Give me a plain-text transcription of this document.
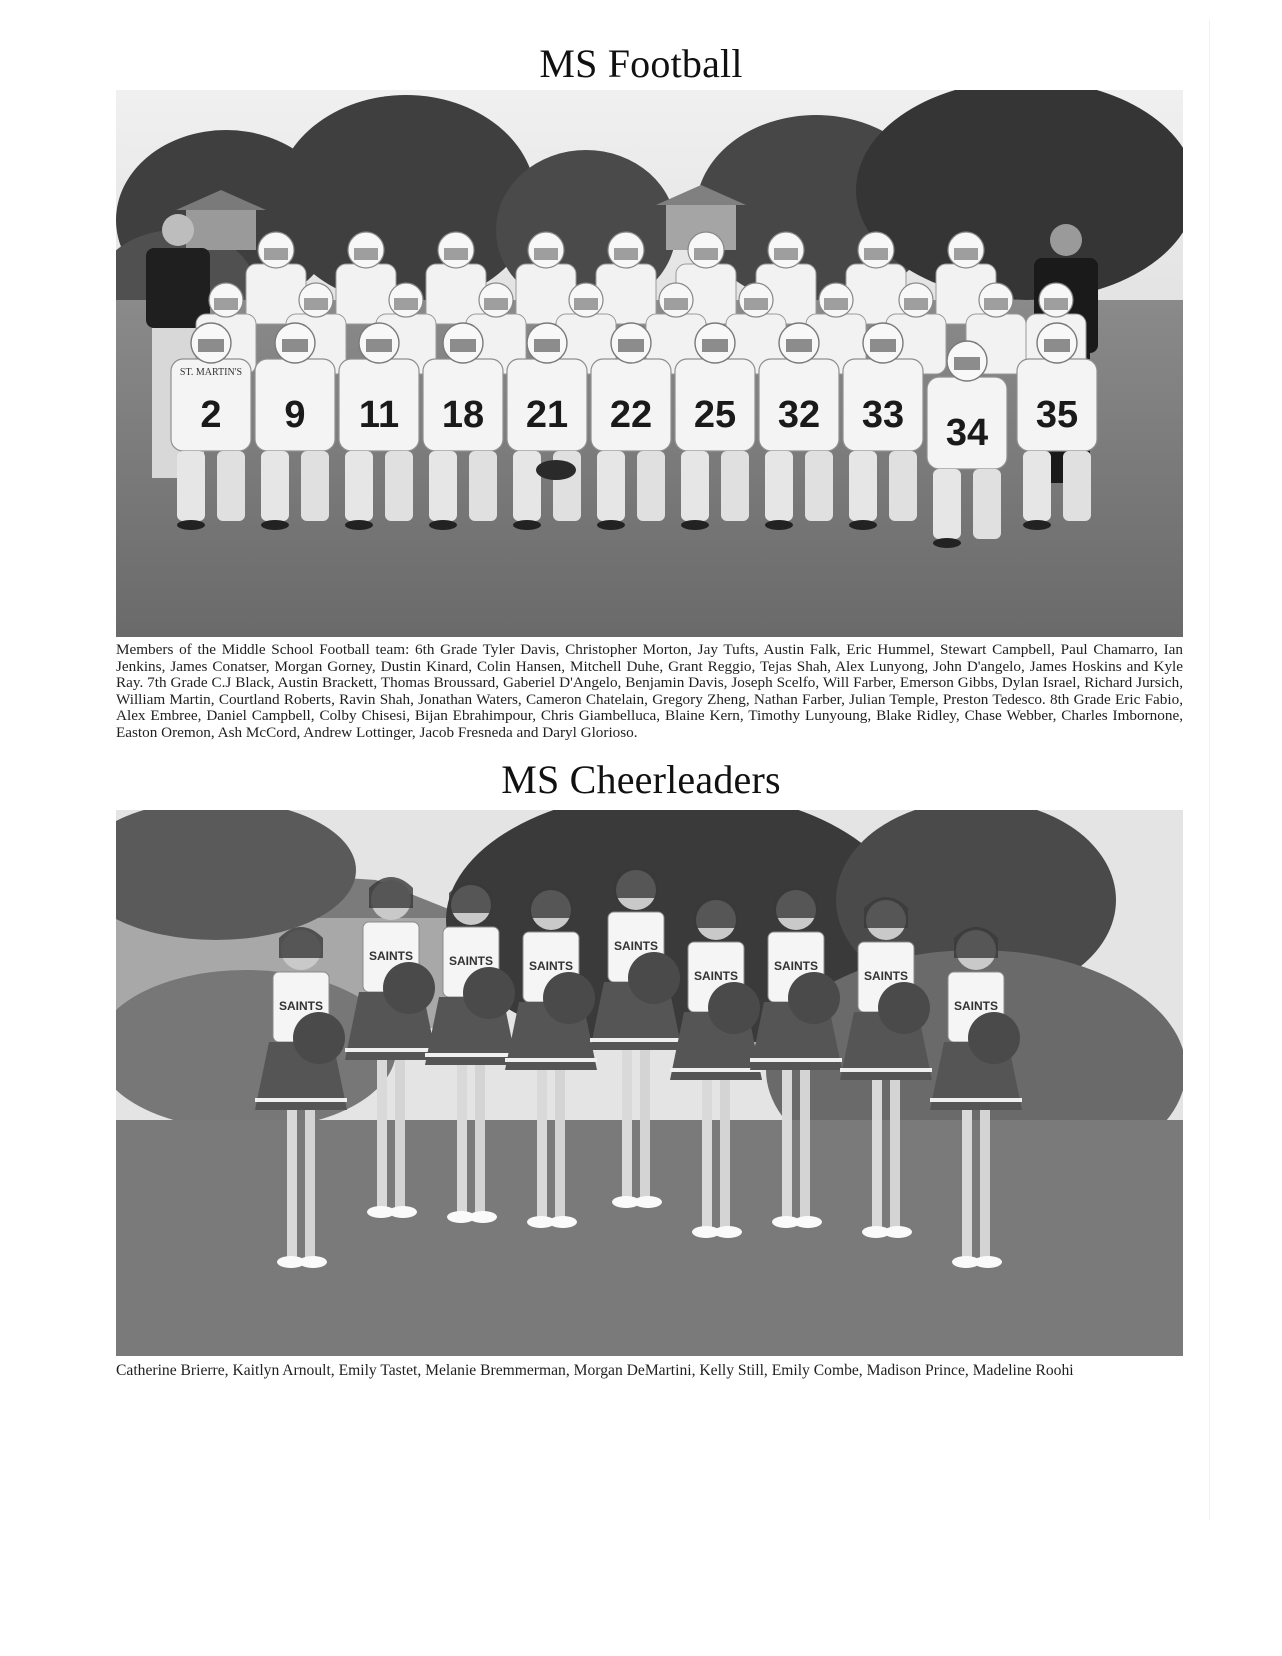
MS Football
2
ST. MARTIN'S
9 11 18 21 22 25 32 33 34 35

Members of the Middle School Football team: 6th Grade Tyler Davis, Christopher Morton, Jay Tufts, Austin Falk, Eric Hummel, Stewart Campbell, Paul Chamarro, Ian Jenkins, James Conatser, Morgan Gorney, Dustin Kinard, Colin Hansen, Mitchell Duhe, Grant Reggio, Tejas Shah, Alex Lunyong, John D'angelo, James Hoskins and Kyle Ray. 7th Grade C.J Black, Austin Brackett, Thomas Broussard, Gaberiel D'Angelo, Benjamin Davis, Joseph Scelfo, Will Farber, Emerson Gibbs, Dylan Israel, Richard Jursich, William Martin, Courtland Roberts, Ravin Shah, Jonathan Waters, Cameron Chatelain, Gregory Zheng, Nathan Farber, Julian Temple, Preston Tedesco. 8th Grade Eric Fabio, Alex Embree, Daniel Campbell, Colby Chisesi, Bijan Ebrahimpour, Chris Giambelluca, Blaine Kern, Timothy Lunyoung, Blake Ridley, Chase Webber, Charles Imbornone, Easton Oremon, Ash McCord, Andrew Lottinger, Jacob Fresneda and Daryl Glorioso.

MS Cheerleaders
SAINTS
SAINTS	SAINTS	SAINTS
SAINTS
SAINTS
SAINTS
SAINTS
SAINTS

Catherine Brierre, Kaitlyn Arnoult, Emily Tastet, Melanie Bremmerman, Morgan DeMartini, Kelly Still, Emily Combe, Madison Prince, Madeline Roohi
